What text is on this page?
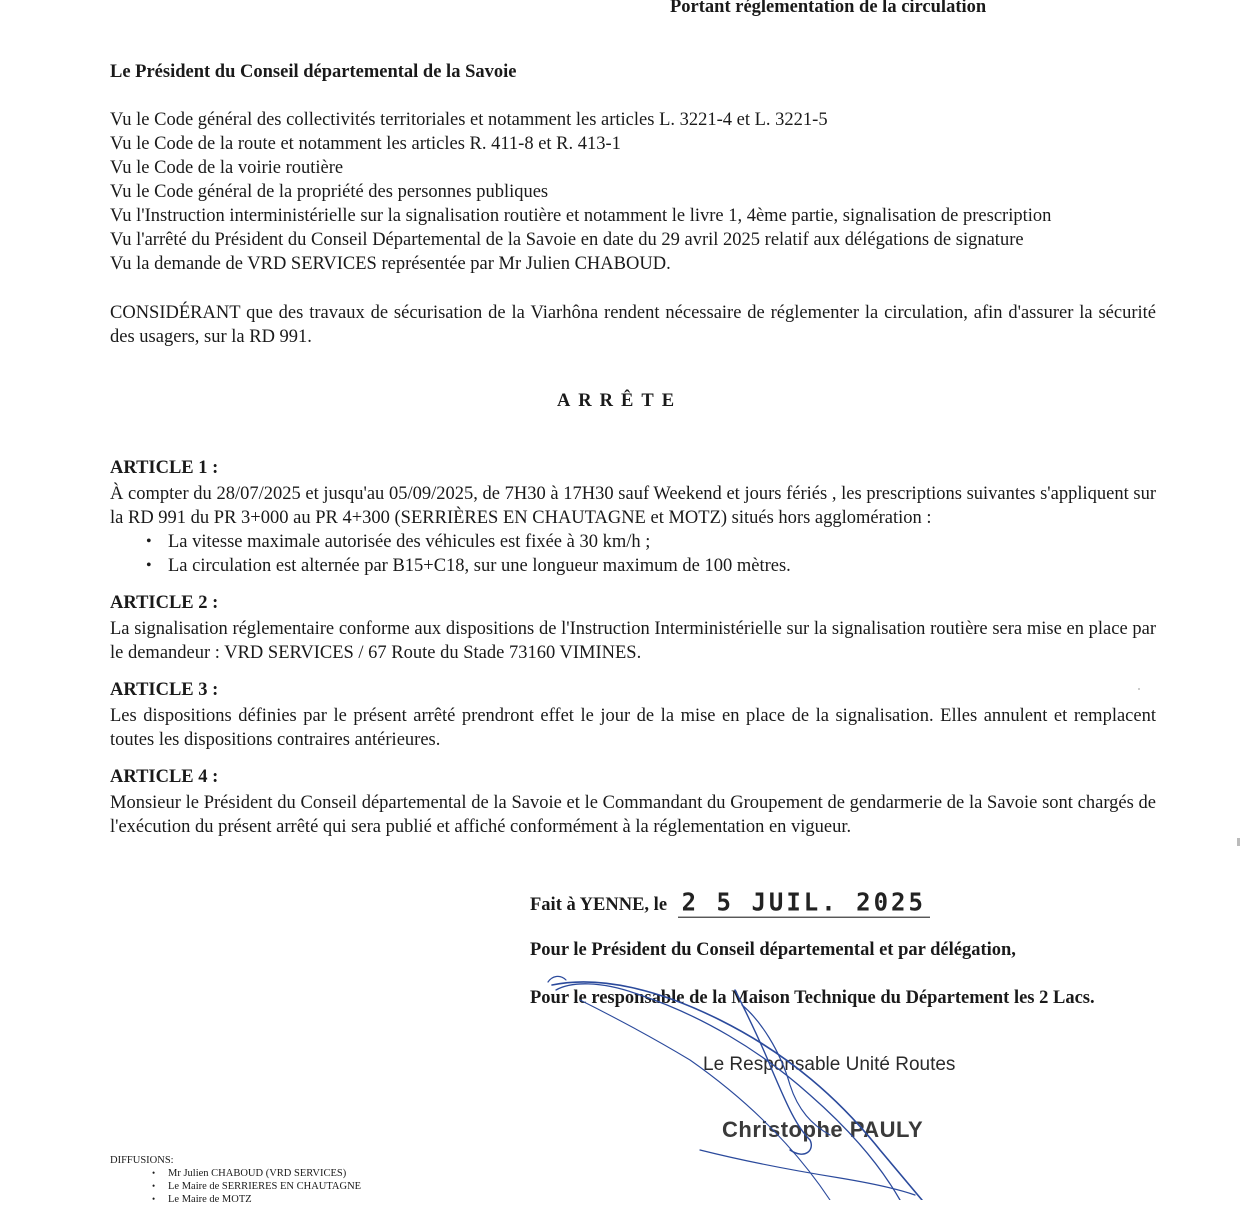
Portant réglementation de la circulation
Le Président du Conseil départemental de la Savoie
Vu le Code général des collectivités territoriales et notamment les articles L. 3221-4 et L. 3221-5
Vu le Code de la route et notamment les articles R. 411-8 et R. 413-1
Vu le Code de la voirie routière
Vu le Code général de la propriété des personnes publiques
Vu l'Instruction interministérielle sur la signalisation routière et notamment le livre 1, 4ème partie, signalisation de prescription
Vu l'arrêté du Président du Conseil Départemental de la Savoie en date du 29 avril 2025 relatif aux délégations de signature
Vu la demande de VRD SERVICES représentée par Mr Julien CHABOUD.
CONSIDÉRANT que des travaux de sécurisation de la Viarhôna rendent nécessaire de réglementer la circulation, afin d'assurer la sécurité des usagers, sur la RD 991.
ARRÊTE
ARTICLE 1 :
À compter du 28/07/2025 et jusqu'au 05/09/2025, de 7H30 à 17H30 sauf Weekend et jours fériés , les prescriptions suivantes s'appliquent sur la RD 991 du PR 3+000 au PR 4+300 (SERRIÈRES EN CHAUTAGNE et MOTZ) situés hors agglomération :
• La vitesse maximale autorisée des véhicules est fixée à 30 km/h ;
• La circulation est alternée par B15+C18, sur une longueur maximum de 100 mètres.
ARTICLE 2 :
La signalisation réglementaire conforme aux dispositions de l'Instruction Interministérielle sur la signalisation routière sera mise en place par le demandeur : VRD SERVICES / 67 Route du Stade 73160 VIMINES.
ARTICLE 3 :
Les dispositions définies par le présent arrêté prendront effet le jour de la mise en place de la signalisation. Elles annulent et remplacent toutes les dispositions contraires antérieures.
ARTICLE 4 :
Monsieur le Président du Conseil départemental de la Savoie et le Commandant du Groupement de gendarmerie de la Savoie sont chargés de l'exécution du présent arrêté qui sera publié et affiché conformément à la réglementation en vigueur.
Fait à YENNE, le 2 5 JUIL. 2025
Pour le Président du Conseil départemental et par délégation,
Pour le responsable de la Maison Technique du Département les 2 Lacs.
Le Responsable Unité Routes
Christophe PAULY
DIFFUSIONS:
• Mr Julien CHABOUD (VRD SERVICES)
• Le Maire de SERRIERES EN CHAUTAGNE
• Le Maire de MOTZ
